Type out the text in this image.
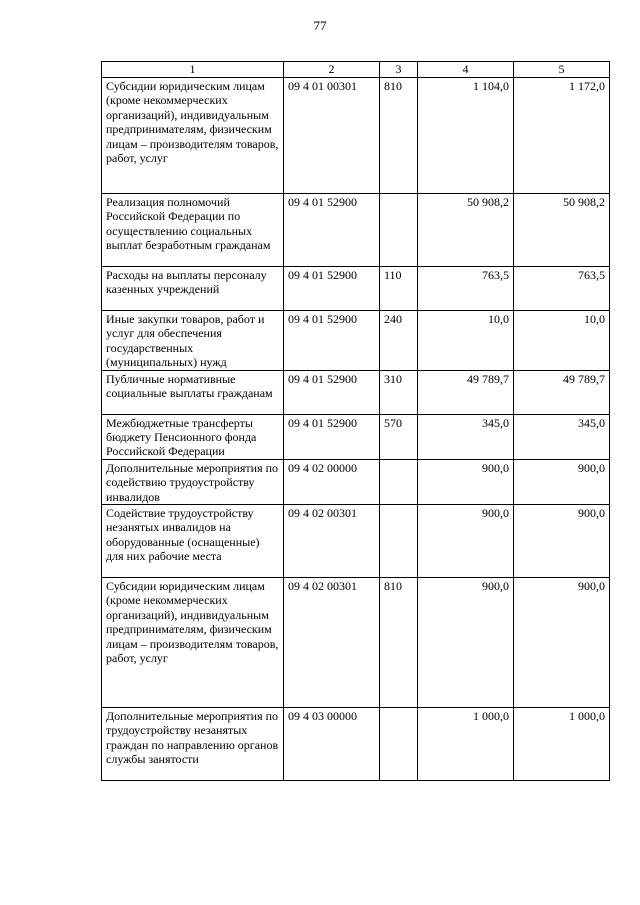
77
1	2	3	4	5
Субсидии юридическим лицам (кроме некоммерческих организаций), индивидуальным предпринимателям, физическим лицам – производителям товаров, работ, услуг	09 4 01 00301	810	1 104,0	1 172,0
Реализация полномочий Российской Федерации по осуществлению социальных выплат безработным гражданам	09 4 01 52900		50 908,2	50 908,2
Расходы на выплаты персоналу казенных учреждений	09 4 01 52900	110	763,5	763,5
Иные закупки товаров, работ и услуг для обеспечения государственных (муниципальных) нужд	09 4 01 52900	240	10,0	10,0
Публичные нормативные социальные выплаты гражданам	09 4 01 52900	310	49 789,7	49 789,7
Межбюджетные трансферты бюджету Пенсионного фонда Российской Федерации	09 4 01 52900	570	345,0	345,0
Дополнительные мероприятия по содействию трудоустройству инвалидов	09 4 02 00000		900,0	900,0
Содействие трудоустройству незанятых инвалидов на оборудованные (оснащенные) для них рабочие места	09 4 02 00301		900,0	900,0
Субсидии юридическим лицам (кроме некоммерческих организаций), индивидуальным предпринимателям, физическим лицам – производителям товаров, работ, услуг	09 4 02 00301	810	900,0	900,0
Дополнительные мероприятия по трудоустройству незанятых граждан по направлению органов службы занятости	09 4 03 00000		1 000,0	1 000,0
